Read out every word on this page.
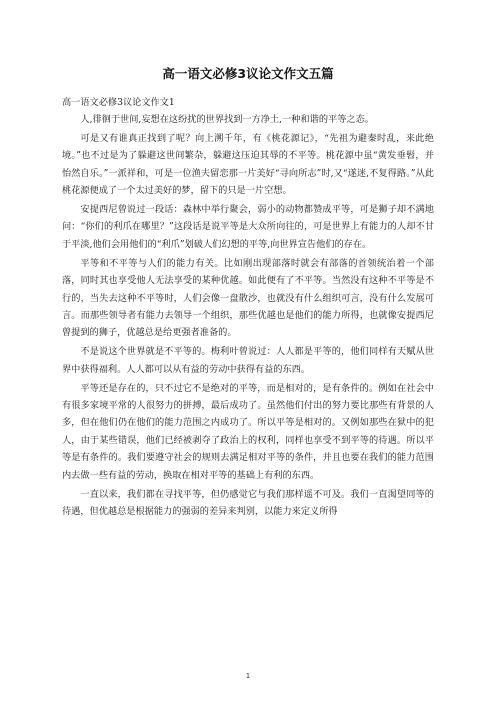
高一语文必修3议论文作文五篇

高一语文必修3议论文作文1

人,徘徊于世间,妄想在这纷扰的世界找到一方净土,一种和谐的平等之态。

可是又有谁真正找到了呢？向上溯千年，有《桃花源记》，“先祖为避秦时乱，来此绝境。”也不过是为了躲避这世间繁杂，躲避这压迫其辱的不平等。桃花源中虽“黄发垂髫，并怡然自乐。”一派祥和，可是一位渔夫留恋那一片美好“寻向所志”时,又“遂迷,不复得路。”从此桃花源便成了一个太过美好的梦，留下的只是一片空想。

安提西尼曾说过一段话：森林中举行聚会，弱小的动物都赞成平等，可是狮子却不满地问：“你们的利爪在哪里？”这段话是说平等是大众所向往的，可是世界上有能力的人却不甘于平淡,他们会用他们的“利爪”划破人们幻想的平等,向世界宣告他们的存在。

平等和不平等与人们的能力有关。比如刚出现部落时就会有部落的首领统治着一个部落，同时其也享受他人无法享受的某种优越。如此便有了不平等。当然没有这种不平等是不行的，当失去这种不平等时，人们会像一盘散沙，也就没有什么组织可言，没有什么发展可言。而那些领导者有能力去领导一个组织，那些优越也是他们的能力所得，也就像安提西尼曾提到的狮子，优越总是给更强者准备的。

不是说这个世界就是不平等的。梅利叶曾说过：人人都是平等的，他们同样有天赋从世界中获得福利。人人都可以从有益的劳动中获得有益的东西。

平等还是存在的，只不过它不是绝对的平等，而是相对的，是有条件的。例如在社会中有很多家境平常的人很努力的拼搏，最后成功了。虽然他们付出的努力要比那些有背景的人多，但在他们仍在他们的能力范围之内成功了。所以平等是相对的。又例如那些在狱中的犯人，由于某些错误，他们已经被剥夺了政治上的权利，同样也享受不到平等的待遇。所以平等是有条件的。我们要遵守社会的规则去满足相对平等的条件，并且也要在我们的能力范围内去做一些有益的劳动，换取在相对平等的基础上有利的东西。

一直以来，我们都在寻找平等，但仍感觉它与我们那样遥不可及。我们一直渴望同等的待遇，但优越总是根据能力的强弱的差异来判别，以能力来定义所得

1
